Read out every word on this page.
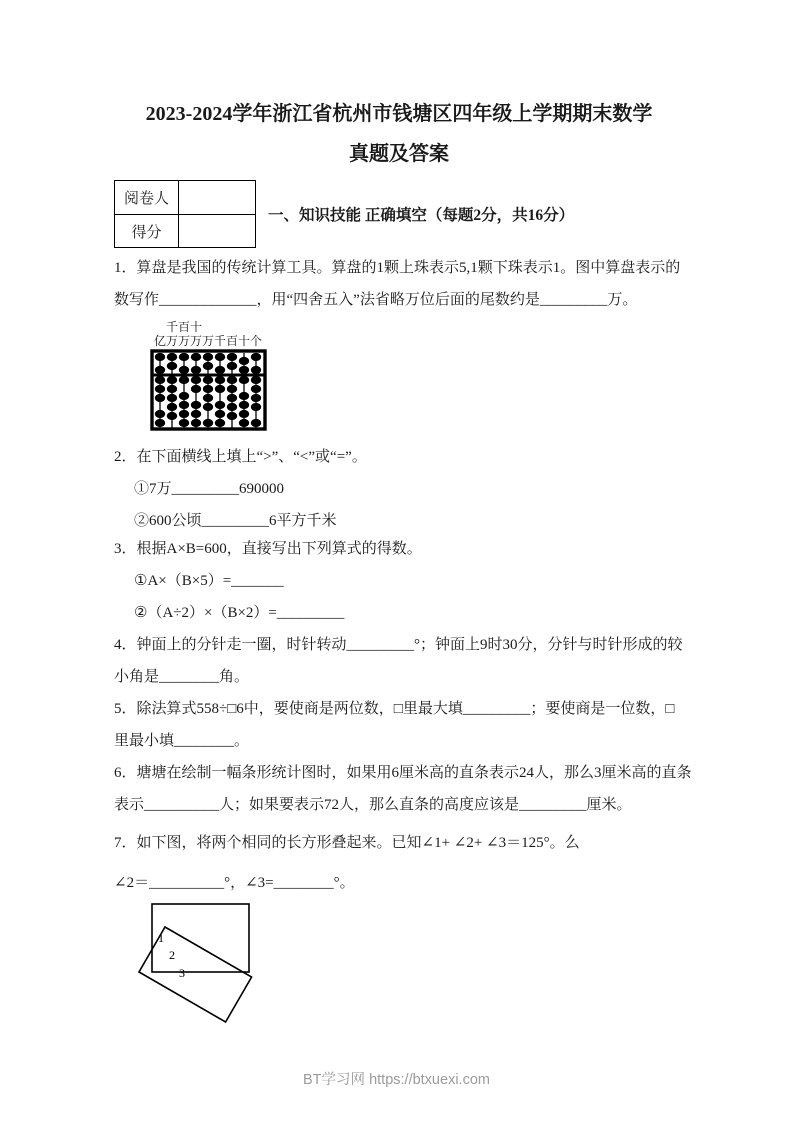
2023-2024学年浙江省杭州市钱塘区四年级上学期期末数学
真题及答案
阅卷人
得分
一、知识技能 正确填空（每题2分，共16分）
1．算盘是我国的传统计算工具。算盘的1颗上珠表示5,1颗下珠表示1。图中算盘表示的
数写作_____________，用“四舍五入”法省略万位后面的尾数约是_________万。
千百十
亿万万万万千百十个
2．在下面横线上填上“>”、“<”或“=”。
①7万_________690000
②600公顷_________6平方千米
3．根据A×B=600，直接写出下列算式的得数。
①A×（B×5）=_______
②（A÷2）×（B×2）=_________
4．钟面上的分针走一圈，时针转动_________°；钟面上9时30分，分针与时针形成的较
小角是________角。
5．除法算式558÷□6中，要使商是两位数，□里最大填_________；要使商是一位数，□
里最小填________。
6．塘塘在绘制一幅条形统计图时，如果用6厘米高的直条表示24人，那么3厘米高的直条
表示__________人；如果要表示72人，那么直条的高度应该是_________厘米。
7．如下图，将两个相同的长方形叠起来。已知∠1+ ∠2+ ∠3＝125°。么
∠2＝__________°，∠3=________°。
1
2
3
BT学习网 https://btxuexi.com
